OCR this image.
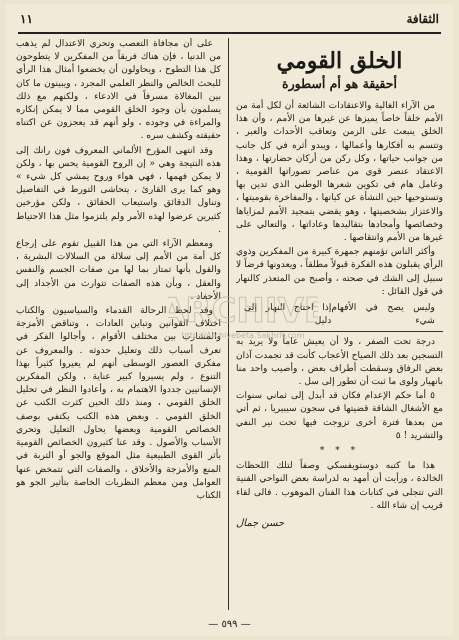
الثقافة
١١
الخلق القومي
أحقيقة هو أم أسطورة

من الآراء الغالية والاعتقادات الشائعة أن لكل أمة من الأمم خلقاً خاصاً يميزها عن غيرها من الأمم ، وأن هذا الخلق ينبعث على الزمن وتعاقب الأحداث والعبر ، وتتسم به أفكارها وأعمالها ، ويبدو أثره في كل جانب من جوانب حياتها ، وكل ركن من أركان حضارتها ، وهذا الاعتقاد عنصر قوي من عناصر تصوراتها القومية ، وعامل هام في تكوين شعرها الوطني الذي تدين بها وتستوحيها حين النشأة عن كيانها ، والمفاخرة بقوميتها ، والاعتزاز بشخصيتها ، وهو يقضي بتمجيد الأمم لمزاياها وخصائصها وأمجادها بتقاليدها وعاداتها ، والتعالي على غيرها من الأمم وانتقاصها .

وأكثر الناس تؤمنهم جمهرة كبيرة من المفكرين وذوي الرأي يقبلون هذه الفكرة قبولاً مطلقاً ، ويعدونها فرضاً لا سبيل إلى الشك في صحته ، وأصبح من المتعذر كالنهار في قول القائل :

وليس يصح في الأفهام شيء
إذا احتاج النهار إلى دليل

درجة تحت الصفر ، ولا أن يعيش عاماً ولا يريد به التسجين بعد ذلك الصياح الأعجاب كأنت قد تجمدت آذان بعض الرفاق وسقطت أطراف بعض ، وأصيب واحد منا بانهيار ولوى ما ثبت أن تطور إلى سل .

٥ أما حكم الإعدام فكان قد أبدل إلى ثماني سنوات مع الأشغال الشاقة قضيتها في سجون سيبيريا ، ثم أتي من بعدها فترة أخرى تزوجت فيها تحت نير النفي والتشريد ! ٥

* * *

هذا ما كتبه دوستويفسكي وصفاً لتلك اللحظات الخالدة ، ورأيت أن أمهد به لدراسة بعض النواحي الفنية التي تتجلى في كتابات هذا الفنان الموهوب . فالى لقاء قريب إن شاء الله .

حسن جمال

على أن مجافاة التعصب وتحري الاعتدال لم يذهب من الدنيا ، فإن هناك فريقاً من المفكرين لا يتطوحون كل هذا التطوح ، ويحاولون أن يخضعوا أمثال هذا الرأي للبحث الخالص والنظر العلمي المجرد ، ويبينون ما كان بين المغالاة مسرفاً في الادعاء ، ولكنهم مع ذلك يسلمون بأن وجود الخلق القومي مما لا يمكن إنكاره والمراءة في وجوده ، ولو أنهم قد يعجزون عن اكتناه حقيقته وكشف سره .

وقد انتهى المؤرخ الألماني المعروف فون رانك إلى هذه النتيجة وهي « إن الروح القومية يحس بها ، ولكن لا يمكن فهمها ، فهي هواء وروح يمشي كل شيء » وهو كما يرى القارئ ، يتحاشى التورط في التفاصيل وتناول الدقائق واستيعاب الحقائق ، ولكن مؤرخين كثيرين عرضوا لهذه الأمر ولم يلتزموا مثل هذا الاحتياط .

ومعظم الآراء التي من هذا القبيل تقوم على إرجاع كل أمة من الأمم إلى سلالة من السلالات البشرية ، والقول بأنها تمتاز بما لها من صفات الجسم والنفس والعقل ، وبأن هذه الصفات تتوارث من الأجداد إلى الأحفاد .

وقد لحظ الرحالة القدماء والسياسيون والكتاب اختلاف القوانين وتباين العادات ، وتناقض الأمزجة والمشارب بين مختلف الأقوام ، وأجالوا الفكر في تعرف أسباب ذلك وتعليل حدوثه . والمعروف عن مفكري العصور الوسطى أنهم لم يعيروا كثيراً بهذا التنوع ، ولم يسيروا كبير عناية ، ولكن المفكرين الإنسانيين جددوا الاهتمام به ، وأعادوا النظر في تحليل الخلق القومي ، ومنذ ذلك الحين كثرت الكتب عن الخلق القومي . وبعض هذه الكتب يكتفي بوصف الخصائص القومية وبعضها يحاول التعليل وتحري الأسباب والأصول . وقد عنا كثيرون الخصائص القومية بأثر القوى الطبيعية مثل الموقع والجو أو التربة في المنع والأمزجة والأخلاق ، والصفات التي تتمخض عنها العوامل ومن معظم النظريات الخاصة بتأثير الجو هو الكتاب

— ٥٩٩ —
ARCHIVE
http://Archivebeta.Sakhrit.com
